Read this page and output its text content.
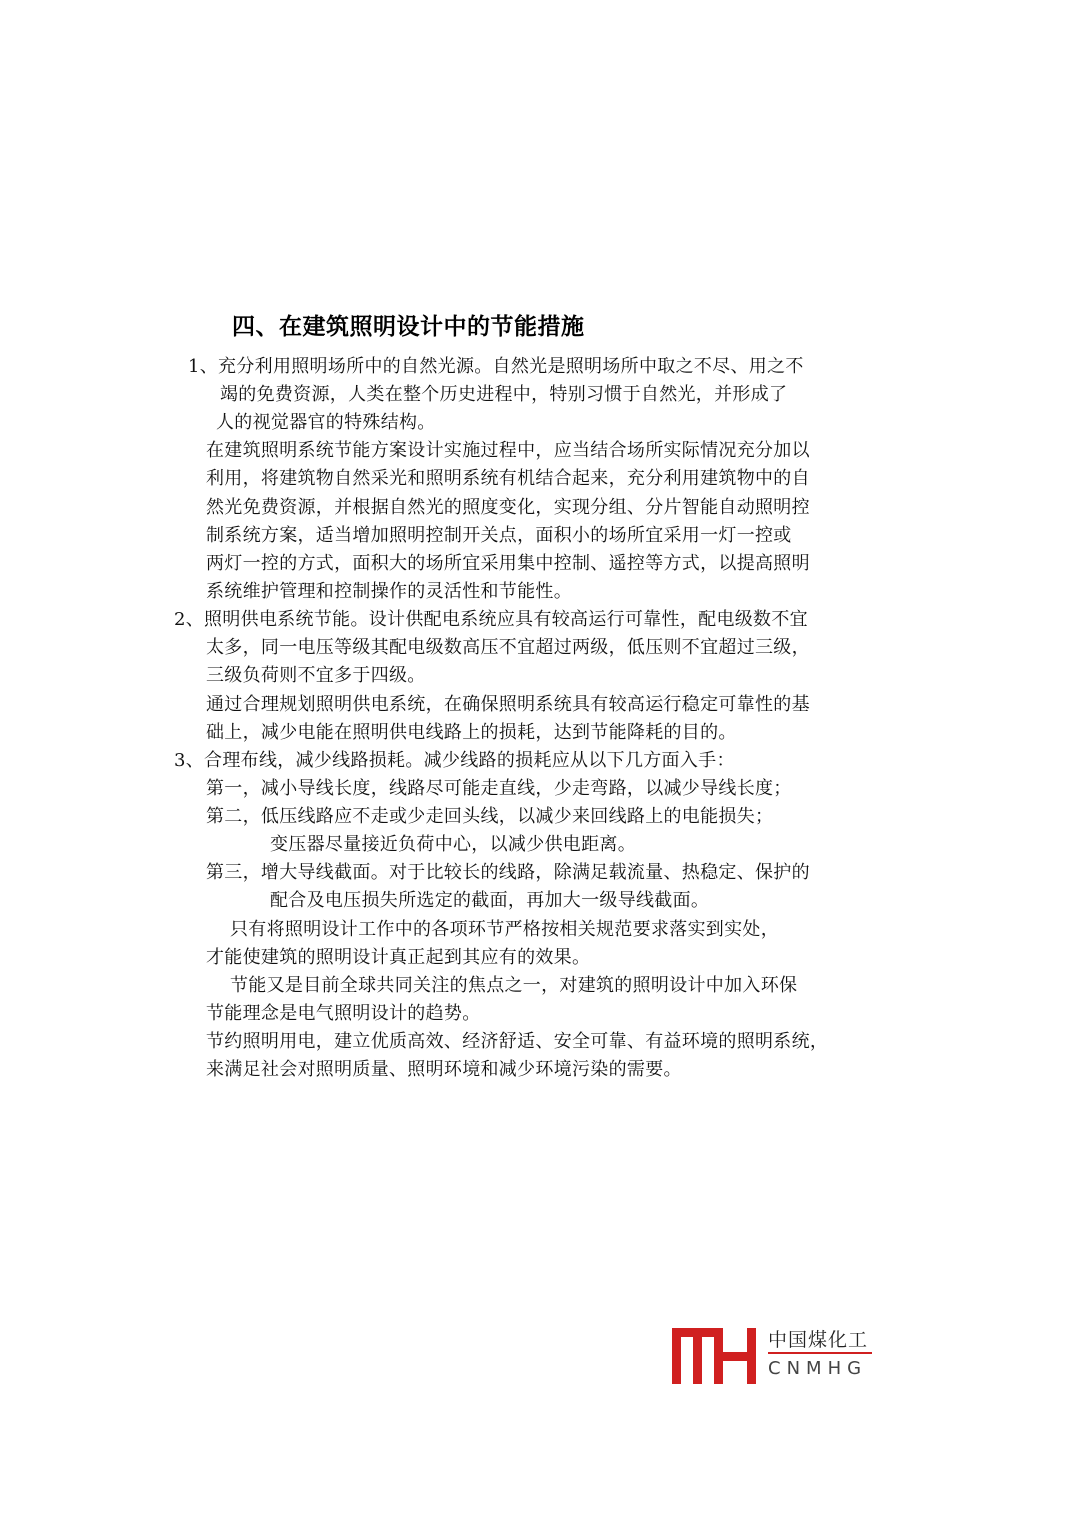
四、在建筑照明设计中的节能措施
1、充分利用照明场所中的自然光源。自然光是照明场所中取之不尽、用之不
竭的免费资源，人类在整个历史进程中，特别习惯于自然光，并形成了
人的视觉器官的特殊结构。
在建筑照明系统节能方案设计实施过程中，应当结合场所实际情况充分加以
利用，将建筑物自然采光和照明系统有机结合起来，充分利用建筑物中的自
然光免费资源，并根据自然光的照度变化，实现分组、分片智能自动照明控
制系统方案，适当增加照明控制开关点，面积小的场所宜采用一灯一控或
两灯一控的方式，面积大的场所宜采用集中控制、遥控等方式，以提高照明
系统维护管理和控制操作的灵活性和节能性。
2、照明供电系统节能。设计供配电系统应具有较高运行可靠性，配电级数不宜
太多，同一电压等级其配电级数高压不宜超过两级，低压则不宜超过三级，
三级负荷则不宜多于四级。
通过合理规划照明供电系统，在确保照明系统具有较高运行稳定可靠性的基
础上，减少电能在照明供电线路上的损耗，达到节能降耗的目的。
3、合理布线，减少线路损耗。减少线路的损耗应从以下几方面入手：
第一，减小导线长度，线路尽可能走直线，少走弯路，以减少导线长度；
第二，低压线路应不走或少走回头线，以减少来回线路上的电能损失；
变压器尽量接近负荷中心，以减少供电距离。
第三，增大导线截面。对于比较长的线路，除满足载流量、热稳定、保护的
配合及电压损失所选定的截面，再加大一级导线截面。
只有将照明设计工作中的各项环节严格按相关规范要求落实到实处，
才能使建筑的照明设计真正起到其应有的效果。
节能又是目前全球共同关注的焦点之一，对建筑的照明设计中加入环保
节能理念是电气照明设计的趋势。
节约照明用电，建立优质高效、经济舒适、安全可靠、有益环境的照明系统，
来满足社会对照明质量、照明环境和减少环境污染的需要。
中国煤化工
CNMHG
